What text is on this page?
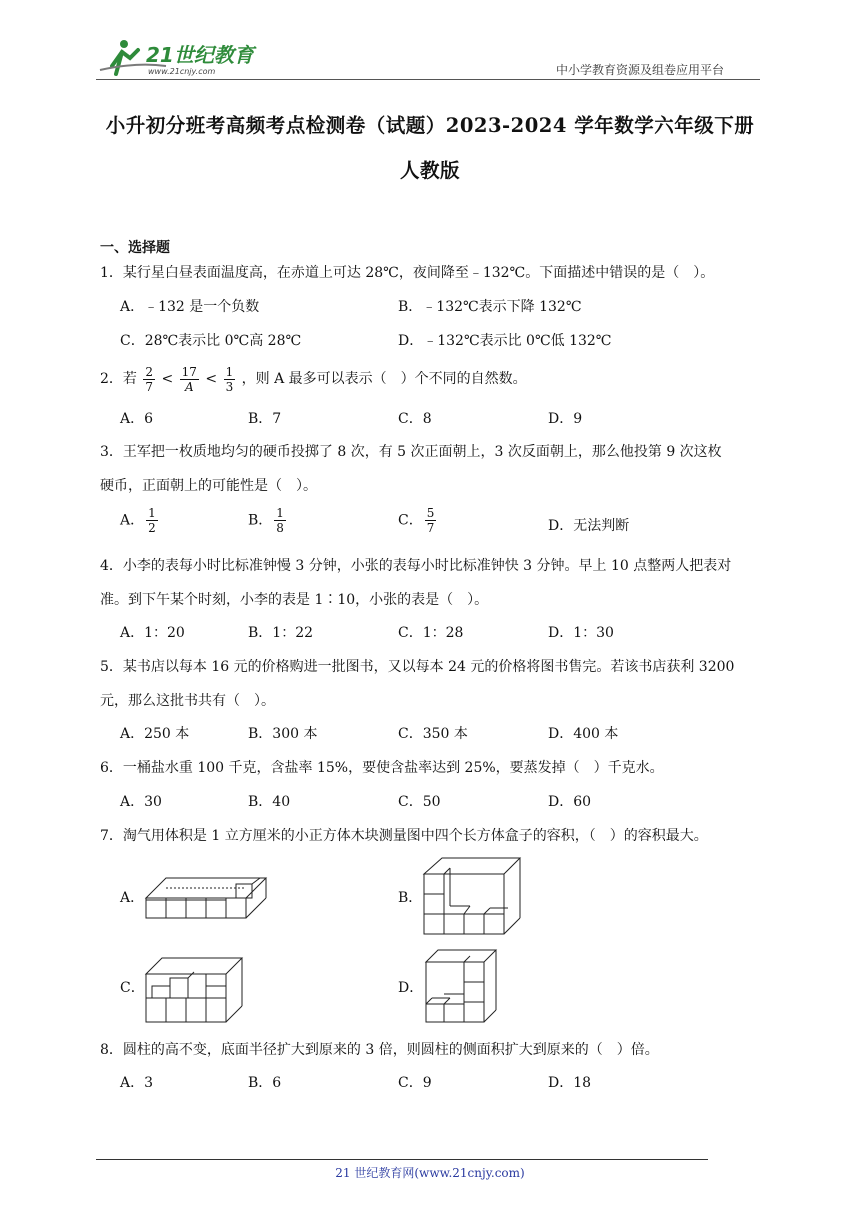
21世纪教育
www.21cnjy.com	中小学教育资源及组卷应用平台
小升初分班考高频考点检测卷（试题）2023-2024 学年数学六年级下册
人教版
一、选择题
1．某行星白昼表面温度高，在赤道上可达 28℃，夜间降至﹣132℃。下面描述中错误的是（　）。
A．﹣132 是一个负数	B．﹣132℃表示下降 132℃
C．28℃表示比 0℃高 28℃	D．﹣132℃表示比 0℃低 132℃
2．若 $\frac{2}{7} < \frac{17}{A} < \frac{1}{3}$ ，则 A 最多可以表示（　）个不同的自然数。
A．6	B．7	C．8	D．9
3．王军把一枚质地均匀的硬币投掷了 8 次，有 5 次正面朝上，3 次反面朝上，那么他投第 9 次这枚
硬币，正面朝上的可能性是（　）。
A． $\frac{1}{2}$	B． $\frac{1}{8}$	C． $\frac{5}{7}$	D．无法判断
4．小李的表每小时比标准钟慢 3 分钟，小张的表每小时比标准钟快 3 分钟。早上 10 点整两人把表对
准。到下午某个时刻，小李的表是 1∶10，小张的表是（　）。
A．1：20	B．1：22	C．1：28	D．1：30
5．某书店以每本 16 元的价格购进一批图书，又以每本 24 元的价格将图书售完。若该书店获利 3200
元，那么这批书共有（　）。
A．250 本	B．300 本	C．350 本	D．400 本
6．一桶盐水重 100 千克，含盐率 15%，要使含盐率达到 25%，要蒸发掉（　）千克水。
A．30	B．40	C．50	D．60
7．淘气用体积是 1 立方厘米的小正方体木块测量图中四个长方体盒子的容积，（　）的容积最大。
A．	B．
C．	D．
8．圆柱的高不变，底面半径扩大到原来的 3 倍，则圆柱的侧面积扩大到原来的（　）倍。
A．3	B．6	C．9	D．18
21 世纪教育网(www.21cnjy.com)
